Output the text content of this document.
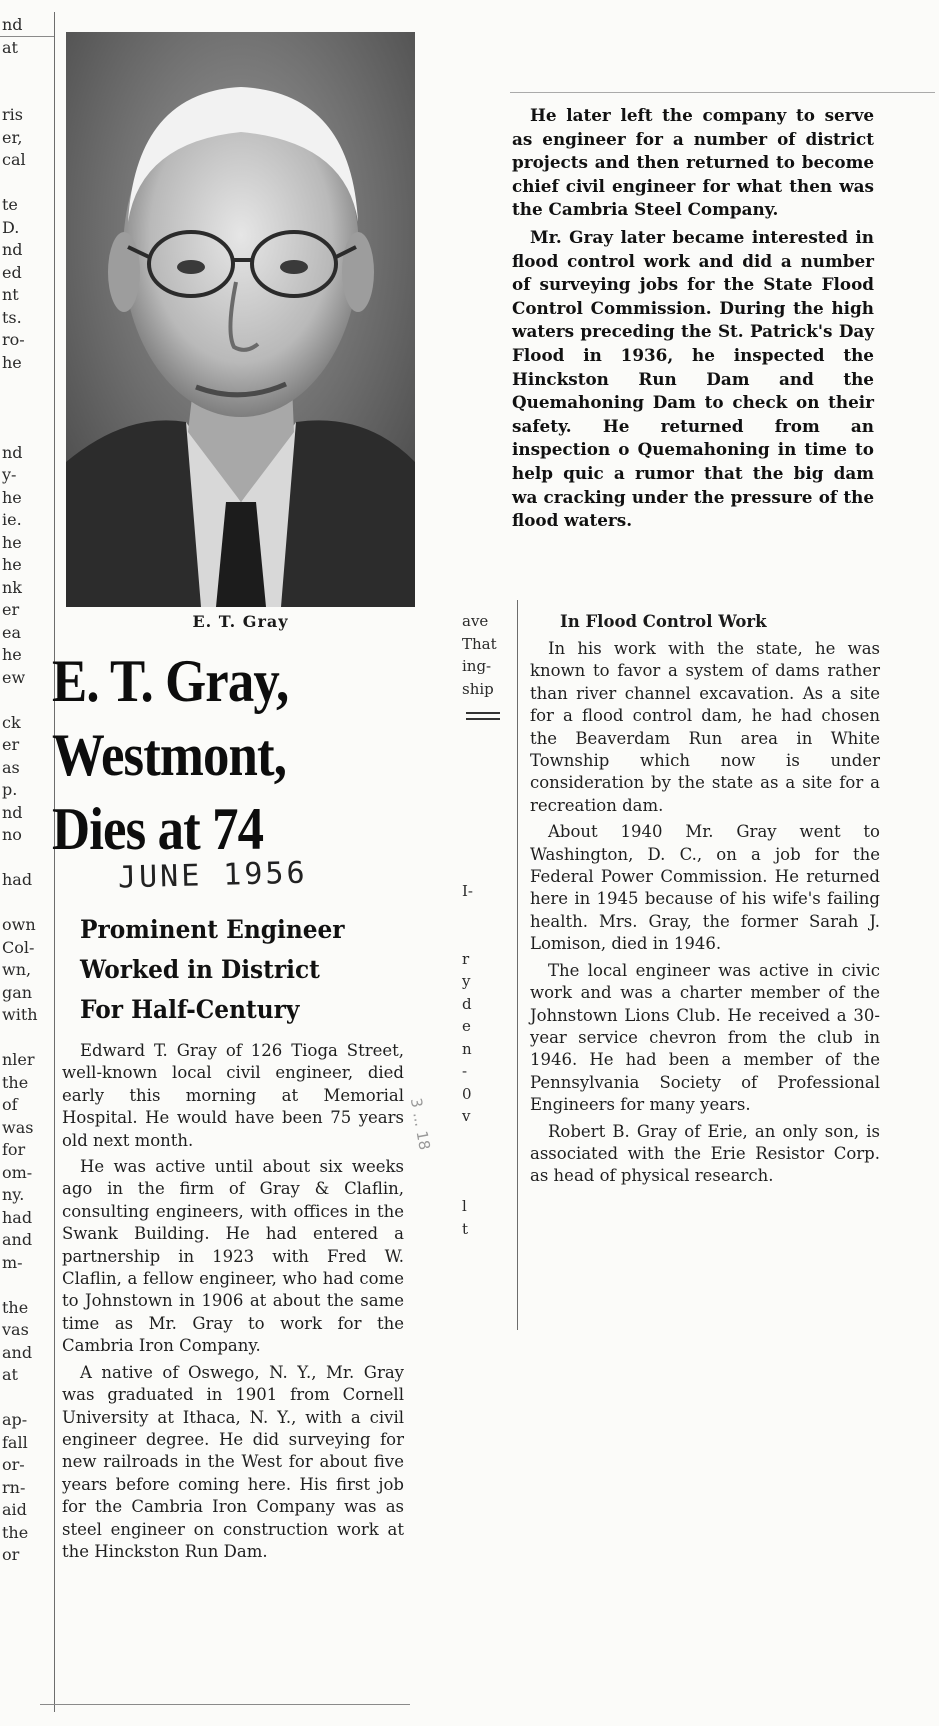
nd
at
ris
er,
cal
te
D.
nd
ed
nt
ts.
ro-
he
nd
y-
he
ie.
he
he
nk
er
ea
he
ew
ck
er
as
p.
nd
no
had
own
Col-
wn,
gan
with
nler
the
of
was
for
om-
ny.
had
and
m-
the
vas
and
at
ap-
fall
or-
rn-
aid
the
or
E. T. Gray
E. T. Gray,
Westmont,
Dies at 74
JUNE 1956
Prominent Engineer
Worked in District
For Half-Century

Edward T. Gray of 126 Tioga Street, well-known local civil engineer, died early this morning at Memorial Hospital. He would have been 75 years old next month.

He was active until about six weeks ago in the firm of Gray & Claflin, consulting engineers, with offices in the Swank Building. He had entered a partnership in 1923 with Fred W. Claflin, a fellow engineer, who had come to Johnstown in 1906 at about the same time as Mr. Gray to work for the Cambria Iron Company.

A native of Oswego, N. Y., Mr. Gray was graduated in 1901 from Cornell University at Ithaca, N. Y., with a civil engineer degree. He did surveying for new railroads in the West for about five years before coming here. His first job for the Cambria Iron Company was as steel engineer on construction work at the Hinckston Run Dam.

3 ... 18
ave
That
ing-
ship
I-
r
y
d
e
n
-
0
v
l
t

He later left the company to serve as engineer for a number of district projects and then returned to become chief civil engineer for what then was the Cambria Steel Company.

Mr. Gray later became interested in flood control work and did a number of surveying jobs for the State Flood Control Commission. During the high waters preceding the St. Patrick's Day Flood in 1936, he inspected the Hinckston Run Dam and the Quemahoning Dam to check on their safety. He returned from an inspection o Quemahoning in time to help quic a rumor that the big dam wa cracking under the pressure of the flood waters.

In Flood Control Work

In his work with the state, he was known to favor a system of dams rather than river channel excavation. As a site for a flood control dam, he had chosen the Beaverdam Run area in White Township which now is under consideration by the state as a site for a recreation dam.

About 1940 Mr. Gray went to Washington, D. C., on a job for the Federal Power Commission. He returned here in 1945 because of his wife's failing health. Mrs. Gray, the former Sarah J. Lomison, died in 1946.

The local engineer was active in civic work and was a charter member of the Johnstown Lions Club. He received a 30-year service chevron from the club in 1946. He had been a member of the Pennsylvania Society of Professional Engineers for many years.

Robert B. Gray of Erie, an only son, is associated with the Erie Resistor Corp. as head of physical research.
